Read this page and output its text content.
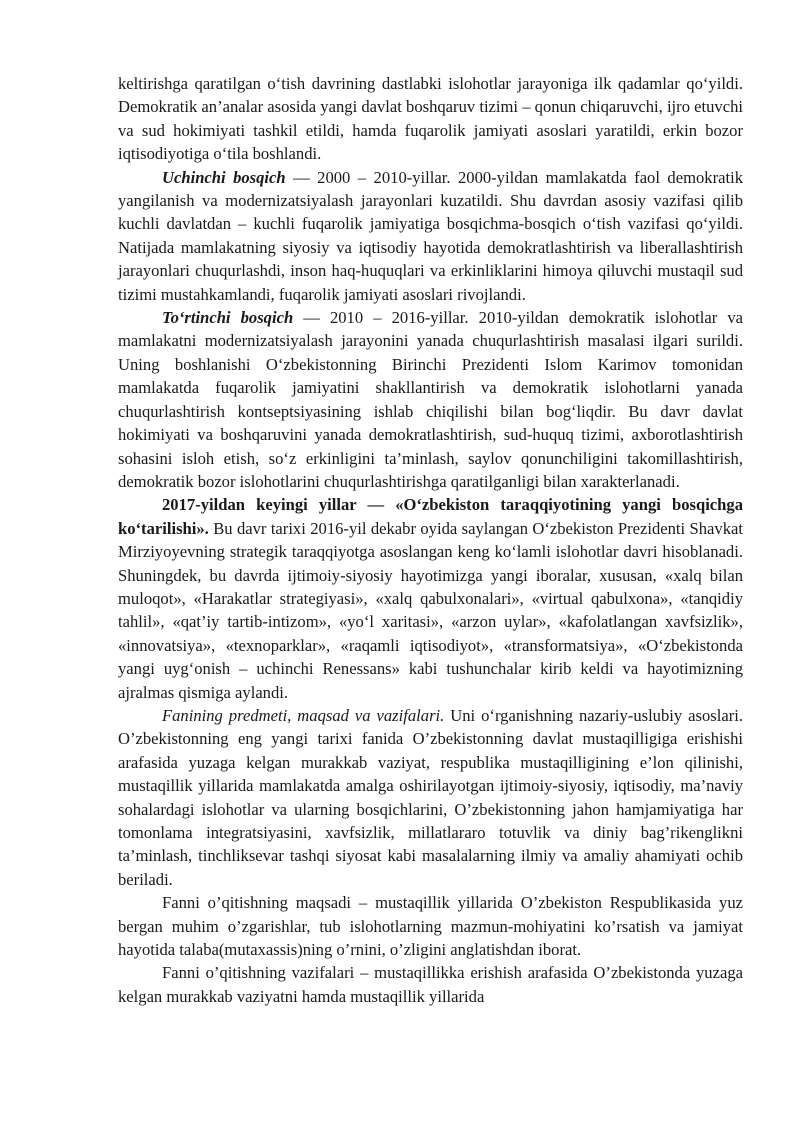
keltirishga qaratilgan o‘tish davrining dastlabki islohotlar jarayoniga ilk qadamlar qo‘yildi. Demokratik an’analar asosida yangi davlat boshqaruv tizimi – qonun chiqaruvchi, ijro etuvchi va sud hokimiyati tashkil etildi, hamda fuqarolik jamiyati asoslari yaratildi, erkin bozor iqtisodiyotiga o‘tila boshlandi.

Uchinchi bosqich — 2000 – 2010-yillar. 2000-yildan mamlakatda faol demokratik yangilanish va modernizatsiyalash jarayonlari kuzatildi. Shu davrdan asosiy vazifasi qilib kuchli davlatdan – kuchli fuqarolik jamiyatiga bosqichma-bosqich o‘tish vazifasi qo‘yildi. Natijada mamlakatning siyosiy va iqtisodiy hayotida demokratlashtirish va liberallashtirish jarayonlari chuqurlashdi, inson haq-huquqlari va erkinliklarini himoya qiluvchi mustaqil sud tizimi mustahkamlandi, fuqarolik jamiyati asoslari rivojlandi.

To‘rtinchi bosqich — 2010 – 2016-yillar. 2010-yildan demokratik islohotlar va mamlakatni modernizatsiyalash jarayonini yanada chuqurlashtirish masalasi ilgari surildi. Uning boshlanishi O‘zbekistonning Birinchi Prezidenti Islom Karimov tomonidan mamlakatda fuqarolik jamiyatini shakllantirish va demokratik islohotlarni yanada chuqurlashtirish kontseptsiyasining ishlab chiqilishi bilan bog‘liqdir. Bu davr davlat hokimiyati va boshqaruvini yanada demokratlashtirish, sud-huquq tizimi, axborotlashtirish sohasini isloh etish, so‘z erkinligini ta’minlash, saylov qonunchiligini takomillashtirish, demokratik bozor islohotlarini chuqurlashtirishga qaratilganligi bilan xarakterlanadi.

2017-yildan keyingi yillar — «O‘zbekiston taraqqiyotining yangi bosqichga ko‘tarilishi». Bu davr tarixi 2016-yil dekabr oyida saylangan O‘zbekiston Prezidenti Shavkat Mirziyoyevning strategik taraqqiyotga asoslangan keng ko‘lamli islohotlar davri hisoblanadi. Shuningdek, bu davrda ijtimoiy-siyosiy hayotimizga yangi iboralar, xususan, «xalq bilan muloqot», «Harakatlar strategiyasi», «xalq qabulxonalari», «virtual qabulxona», «tanqidiy tahlil», «qat’iy tartib-intizom», «yo‘l xaritasi», «arzon uylar», «kafolatlangan xavfsizlik», «innovatsiya», «texnoparklar», «raqamli iqtisodiyot», «transformatsiya», «O‘zbekistonda yangi uyg‘onish – uchinchi Renessans» kabi tushunchalar kirib keldi va hayotimizning ajralmas qismiga aylandi.

Fanining predmeti, maqsad va vazifalari. Uni o‘rganishning nazariy-uslubiy asoslari. O’zbekistonning eng yangi tarixi fanida O’zbekistonning davlat mustaqilligiga erishishi arafasida yuzaga kelgan murakkab vaziyat, respublika mustaqilligining e’lon qilinishi, mustaqillik yillarida mamlakatda amalga oshirilayotgan ijtimoiy-siyosiy, iqtisodiy, ma’naviy sohalardagi islohotlar va ularning bosqichlarini, O’zbekistonning jahon hamjamiyatiga har tomonlama integratsiyasini, xavfsizlik, millatlararo totuvlik va diniy bag’rikenglikni ta’minlash, tinchliksevar tashqi siyosat kabi masalalarning ilmiy va amaliy ahamiyati ochib beriladi.

Fanni o’qitishning maqsadi – mustaqillik yillarida O’zbekiston Respublikasida yuz bergan muhim o’zgarishlar, tub islohotlarning mazmun-mohiyatini ko’rsatish va jamiyat hayotida talaba(mutaxassis)ning o’rnini, o’zligini anglatishdan iborat.

Fanni o’qitishning vazifalari – mustaqillikka erishish arafasida O’zbekistonda yuzaga kelgan murakkab vaziyatni hamda mustaqillik yillarida
